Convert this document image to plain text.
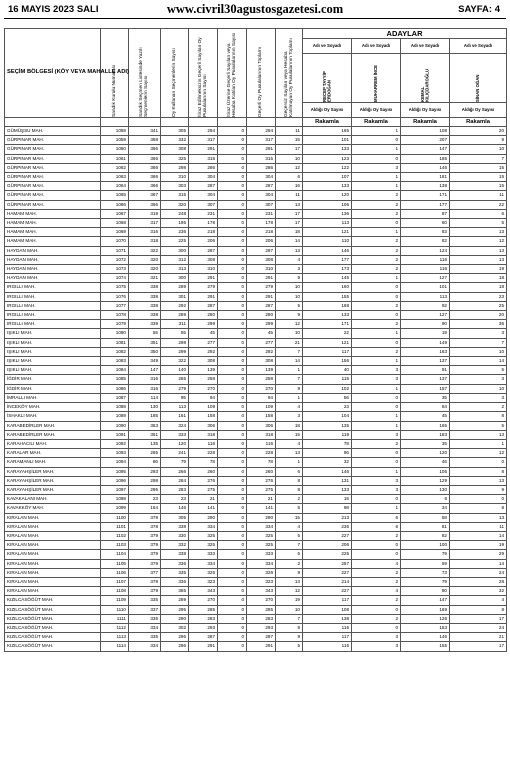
16 MAYIS 2023 SALI	www.civril30agustosgazetesi.com	SAYFA: 4
SEÇİM BÖLGESİ (KÖY VEYA MAHALLE ADI)	Sandık Kurulu Numarası	Sandık Seçmen Listesinde Yazılı Seçmenlerin Sayısı	Oy Kullanan Seçmenlerin Sayısı	İtiraz Edilmeksizin Geçerli Sayılan Oy Pusulalarının Sayısı	İtiraz Üzerine Geçerli Sayılan veya Hesaba Katılan Oy Pusulalarının Sayısı	Geçerli Oy Pusulalarının Toplamı	Geçersiz Sayılan veya Hesaba Katılmayan Oy Pusulalarının Toplamı	ADAYLAR			
								Adı ve Soyadı	Adı ve Soyadı	Adı ve Soyadı	Adı ve Soyadı

								RECEP TAYYİP ERDOĞAN	MUHARREM İNCE	KEMAL KILIÇDAROĞLU	SİNAN OĞAN

								Aldığı Oy Sayısı	Aldığı Oy Sayısı	Aldığı Oy Sayısı	Aldığı Oy Sayısı
								Rakamla	Rakamla	Rakamla	Rakamla
GÜMÜŞSU MAH.	1058	341	305	294	0	294	11	165	1	108	20
GÜRPINAR MAH.	1059	368	332	317	0	317	15	101	0	207	9
GÜRPINAR MAH.	1060	366	308	291	0	291	17	133	1	147	10
GÜRPINAR MAH.	1061	366	325	315	0	315	10	123	0	185	7
GÜRPINAR MAH.	1062	366	298	286	0	286	12	122	3	146	15
GÜRPINAR MAH.	1063	366	310	304	0	304	6	107	1	181	15
GÜRPINAR MAH.	1064	366	303	287	0	287	16	133	1	138	15
GÜRPINAR MAH.	1065	367	315	304	0	304	11	120	2	171	11
GÜRPINAR MAH.	1066	366	320	307	0	307	13	106	2	177	22
HAMAM MAH.	1067	319	248	231	0	231	17	136	2	87	6
HAMAM MAH.	1068	317	195	178	0	178	17	113	0	60	5
HAMAM MAH.	1069	316	236	218	0	218	18	121	1	83	13
HAMAM MAH.	1070	318	225	206	0	206	14	110	2	82	12
HAYDAN MAH.	1071	322	300	287	0	287	13	146	2	124	13
HAYDAN MAH.	1072	320	312	308	0	308	4	177	2	116	13
HAYDAN MAH.	1073	320	313	310	0	310	3	173	2	116	19
HAYDAN MAH.	1074	321	300	291	0	291	9	145	1	127	18
IRGILLI MAH.	1075	338	289	279	0	279	10	160	0	101	18
IRGILLI MAH.	1076	338	301	291	0	291	10	155	0	113	23
IRGILLI MAH.	1077	338	292	287	0	287	5	168	2	92	25
IRGILLI MAH.	1078	338	289	280	0	280	9	133	0	127	20
IRGILLI MAH.	1079	339	311	299	0	299	12	171	2	90	36
IŞIKLI MAH.	1080	55	55	45	0	45	10	22	1	19	3
IŞIKLI MAH.	1081	351	298	277	0	277	21	121	0	149	7
IŞIKLI MAH.	1082	350	299	292	0	292	7	117	2	163	10
IŞIKLI MAH.	1083	349	322	308	0	308	14	156	1	137	14
IŞIKLI MAH.	1084	147	140	139	0	139	1	40	3	91	5
İĞDİR MAH.	1085	316	265	258	0	258	7	115	3	137	3
İĞDİR MAH.	1086	316	279	270	0	270	9	102	1	157	10
İMRALLI MAH.	1087	114	95	94	0	94	1	56	0	35	3
İNCEKÖY MAH.	1088	130	113	109	0	109	4	23	0	84	2
İSHAKLI MAH.	1089	185	161	158	0	158	3	104	1	45	8
KARABEDİRLER MAH.	1090	363	324	306	0	306	18	135	1	165	5
KARABEDİRLER MAH.	1091	361	333	318	0	318	15	119	3	183	13
KARAHACILI MAH.	1092	135	120	116	0	116	4	78	2	35	1
KARALAR MAH.	1093	265	241	228	0	228	13	96	0	120	12
KARAMANLI MAH.	1094	86	79	78	0	78	1	32	0	46	0
KARAYAHŞİLER MAH.	1095	293	266	260	0	260	6	146	1	105	8
KARAYAHŞİLER MAH.	1096	298	284	276	0	276	8	131	3	129	13
KARAYAHŞİLER MAH.	1097	295	283	275	0	275	8	133	3	130	9
KAVAKALANI MAH.	1098	23	23	21	0	21	2	15	0	6	0
KAVAKKÖY MAH.	1099	164	146	141	0	141	5	98	1	34	8
KIRALAN MAH.	1100	378	305	290	0	290	15	213	6	58	13
KIRALAN MAH.	1101	378	338	334	0	334	4	236	6	81	11
KIRALAN MAH.	1102	379	330	325	0	325	5	227	2	82	14
KIRALAN MAH.	1103	379	332	325	0	325	7	206	0	100	19
KIRALAN MAH.	1104	379	338	333	0	333	5	225	0	79	29
KIRALAN MAH.	1105	379	336	334	0	334	2	257	4	59	14
KIRALAN MAH.	1106	377	335	326	0	326	9	227	2	73	24
KIRALAN MAH.	1107	378	336	323	0	323	13	214	2	79	28
KIRALAN MAH.	1108	379	355	343	0	343	12	227	4	80	32
KIZILCASÖĞÜT MAH.	1109	335	289	270	0	270	19	117	2	147	4
KIZILCASÖĞÜT MAH.	1110	337	295	285	0	285	10	108	0	169	8
KIZILCASÖĞÜT MAH.	1111	335	290	283	0	283	7	138	2	126	17
KIZILCASÖĞÜT MAH.	1112	334	302	293	0	293	9	116	0	153	24
KIZILCASÖĞÜT MAH.	1113	335	296	287	0	287	9	117	3	146	21
KIZILCASÖĞÜT MAH.	1114	334	296	291	0	291	5	116	3	155	17
